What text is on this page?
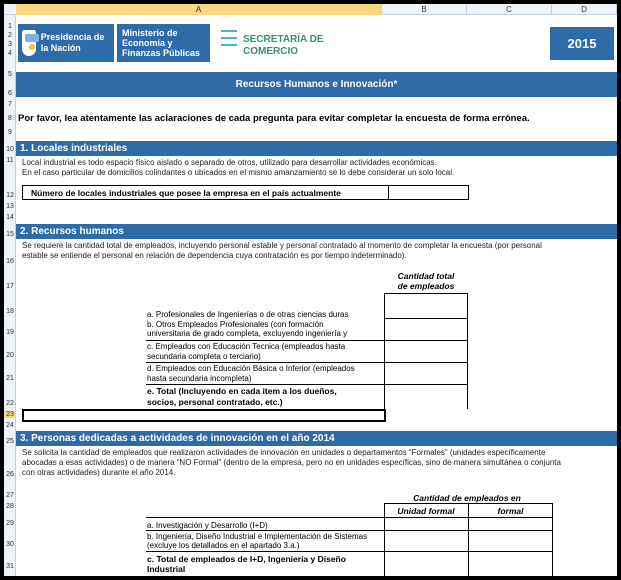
A	B	C	D
1
2
3
4
5
6
7
8
9
10
11
12
13
14
15
16
17
18
19
20
21
22
23
24
25
26
27
28
29
30
31
Presidencia de la Nación
Ministerio de Economía y Finanzas Públicas
SECRETARÍA DE COMERCIO
2015
Recursos Humanos e Innovación*
Por favor, lea atentamente las aclaraciones de cada pregunta para evitar completar la encuesta de forma errónea.
1. Locales industriales
Local industrial es todo espacio físico aislado o separado de otros, utilizado para desarrollar actividades económicas.
En el caso particular de domicilios colindantes o ubicados en el mismo amanzamiento se lo debe considerar un solo local.
Número de locales industriales que posee la empresa en el país actualmente
2. Recursos humanos
Se requiere la cantidad total de empleados, incluyendo personal estable y personal contratado al momento de completar la encuesta (por personal
estable se entiende el personal en relación de dependencia cuya contratación es por tiempo indeterminado).
Cantidad total
de empleados
a. Profesionales de Ingenierías o de otras ciencias duras
b. Otros Empleados Profesionales (con formación
universitaria de grado completa, excluyendo ingeniería y
c. Empleados con Educación Tecnica (empleados hasta
secundaria completa o terciario)
d. Empleados con Educación Básica o Inferior (empleados
hasta secundaria incompleta)
e. Total (Incluyendo en cada item a los dueños,
socios, personal contratado, etc.)
3. Personas dedicadas a actividades de innovación en el año 2014
Se solicita la cantidad de empleados que realizaron actividades de innovación en unidades o departamentos “Formales” (unidades específicamente
abocadas a esas actividades) o de manera “NO Formal” (dentro de la empresa, pero no en unidades específicas, sino de manera simultánea o conjunta
con otras actividades) durante el año 2014.
Cantidad de empleados en
Unidad formal	formal
a. Investigación y Desarrollo (I+D)
b. Ingeniería, Diseño Industrial e Implementación de Sistemas
(excluye los detallados en el apartado 3.a.)
c. Total de empleados de I+D, Ingeniería y Diseño
Industrial
